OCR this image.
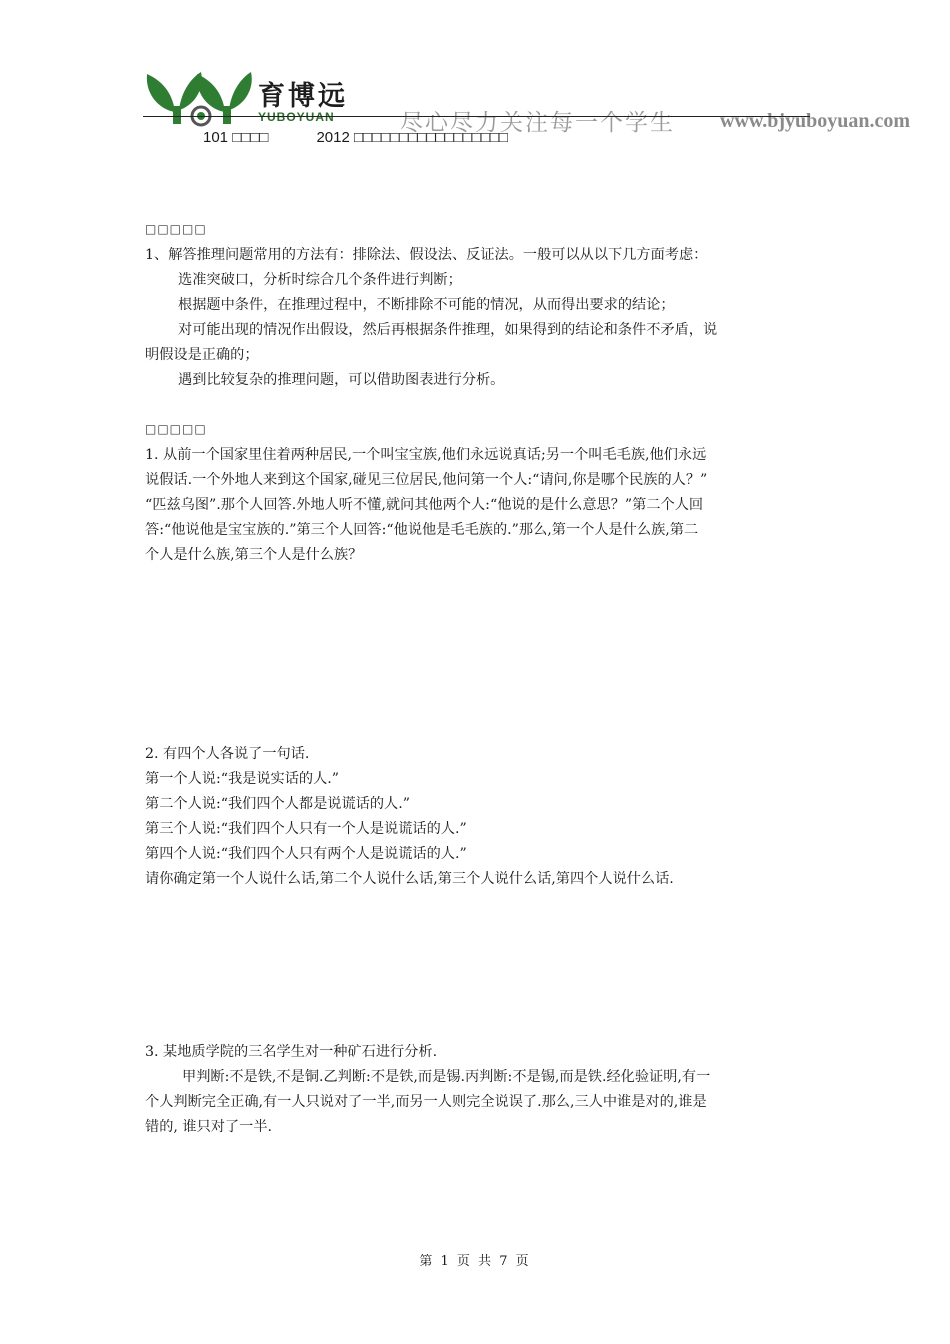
育博远
YUBOYUAN	尽心尽力关注每一个学生 www.bjyuboyuan.com
101 □□□□	2012 □□□□□□□□□□□□□□□□□
□□□□□
1、解答推理问题常用的方法有：排除法、假设法、反证法。一般可以从以下几方面考虑：
选准突破口，分析时综合几个条件进行判断；
根据题中条件，在推理过程中，不断排除不可能的情况，从而得出要求的结论；
对可能出现的情况作出假设，然后再根据条件推理，如果得到的结论和条件不矛盾，说
明假设是正确的；
遇到比较复杂的推理问题，可以借助图表进行分析。
□□□□□
1. 从前一个国家里住着两种居民,一个叫宝宝族,他们永远说真话;另一个叫毛毛族,他们永远
说假话.一个外地人来到这个国家,碰见三位居民,他问第一个人:“请问,你是哪个民族的人？”
“匹兹乌图”.那个人回答.外地人听不懂,就问其他两个人:“他说的是什么意思？”第二个人回
答:“他说他是宝宝族的.”第三个人回答:“他说他是毛毛族的.”那么,第一个人是什么族,第二
个人是什么族,第三个人是什么族？
2. 有四个人各说了一句话.
第一个人说:“我是说实话的人.”
第二个人说:“我们四个人都是说谎话的人.”
第三个人说:“我们四个人只有一个人是说谎话的人.”
第四个人说:“我们四个人只有两个人是说谎话的人.”
请你确定第一个人说什么话,第二个人说什么话,第三个人说什么话,第四个人说什么话.
3. 某地质学院的三名学生对一种矿石进行分析.
甲判断:不是铁,不是铜.乙判断:不是铁,而是锡.丙判断:不是锡,而是铁.经化验证明,有一
个人判断完全正确,有一人只说对了一半,而另一人则完全说误了.那么,三人中谁是对的,谁是
错的, 谁只对了一半.
第 1 页 共 7 页
